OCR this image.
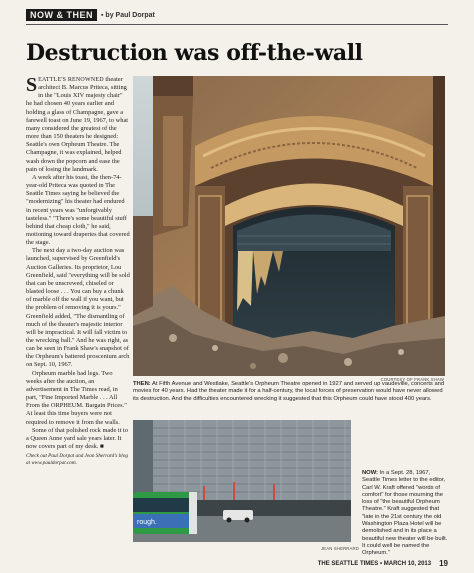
NOW & THEN	▪ by Paul Dorpat
Destruction was off-the-wall

SEATTLE'S RENOWNED theater architect B. Marcus Priteca, sitting in the "Louis XIV majesty chair" he had chosen 40 years earlier and holding a glass of Champagne, gave a farewell toast on June 19, 1967, to what many considered the greatest of the more than 150 theaters he designed: Seattle's own Orpheum Theatre. The Champagne, it was explained, helped wash down the popcorn and ease the pain of losing the landmark.

A week after his toast, the then-74-year-old Priteca was quoted in The Seattle Times saying he believed the "modernizing" his theater had endured in recent years was "unforgivably tasteless." "There's some beautiful stuff behind that cheap cloth," he said, motioning toward draperies that covered the stage.

The next day a two-day auction was launched, supervised by Greenfield's Auction Galleries. Its proprietor, Lou Greenfield, said "everything will be sold that can be unscrewed, chiseled or blasted loose . . . You can buy a chunk of marble off the wall if you want, but the problem of removing it is yours." Greenfield added, "The dismantling of much of the theater's majestic interior will be impractical. It will fall victim to the wrecking ball." And he was right, as can be seen in Frank Shaw's snapshot of the Orpheum's battered proscenium arch on Sept. 10, 1967.

Orpheum marble had legs. Two weeks after the auction, an advertisement in The Times read, in part, "Fine Imported Marble . . . All From the ORPHEUM. Bargain Prices." At least this time buyers were not required to remove it from the walls.

Some of that polished rock made it to a Queen Anne yard sale years later. It now covers part of my desk. ■

Check out Paul Dorpat and Jean Sherrard's blog at www.pauldorpat.com.

COURTESY OF FRANK SHAW

THEN: At Fifth Avenue and Westlake, Seattle's Orpheum Theatre opened in 1927 and served up vaudeville, concerts and movies for 40 years. Had the theater made it for a half-century, the local forces of preservation would have never allowed its destruction. And the difficulties encountered wrecking it suggested that this Orpheum could have stood 400 years.

rough.
JEAN SHERRARD

NOW: In a Sept. 28, 1967, Seattle Times letter to the editor, Carl W. Kraft offered "words of comfort" for those mourning the loss of "the beautiful Orpheum Theatre." Kraft suggested that "late in the 21st century the old Washington Plaza Hotel will be demolished and in its place a beautiful new theater will be built. It could well be named the Orpheum."

THE SEATTLE TIMES • MARCH 10, 2013 19
